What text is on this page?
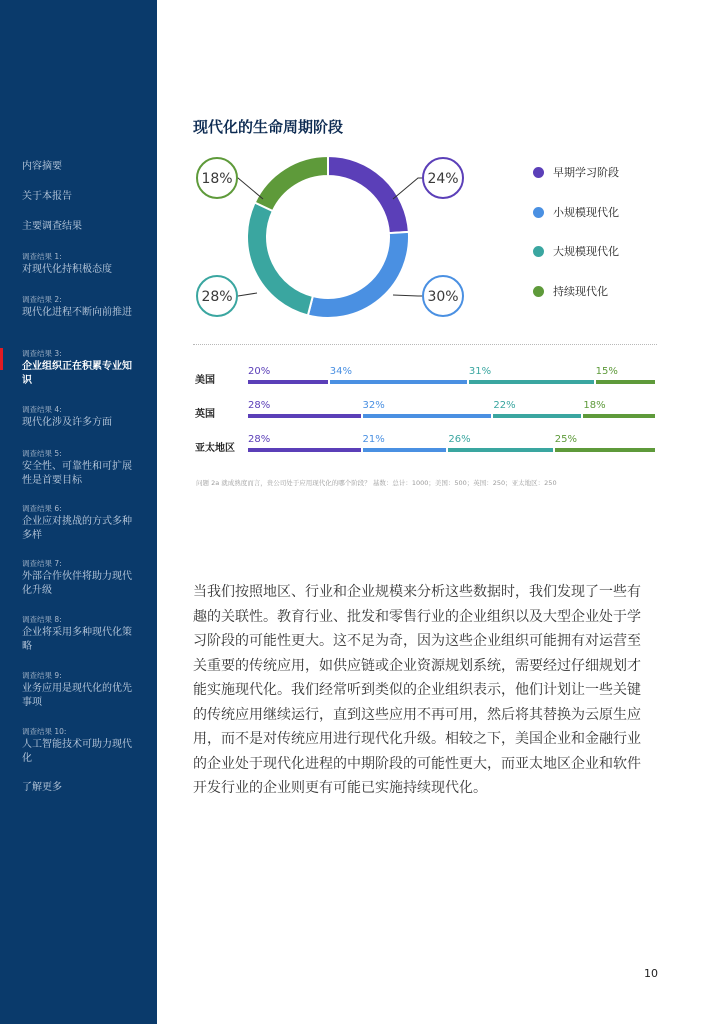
内容摘要
关于本报告
主要调查结果
调查结果 1:
对现代化持积极态度
调查结果 2:
现代化进程不断向前推进
调查结果 3:
企业组织正在积累专业知识
调查结果 4:
现代化涉及许多方面
调查结果 5:
安全性、可靠性和可扩展性是首要目标
调查结果 6:
企业应对挑战的方式多种多样
调查结果 7:
外部合作伙伴将助力现代化升级
调查结果 8:
企业将采用多种现代化策略
调查结果 9:
业务应用是现代化的优先事项
调查结果 10:
人工智能技术可助力现代化
了解更多
现代化的生命周期阶段
24%
30%
28%
18%	早期学习阶段
小规模现代化
大规模现代化
持续现代化
美国
20%	34%	31%	15%
英国
28%	32%	22%	18%
亚太地区
28%	21%	26%	25%
问题 2a 就成熟度而言，贵公司处于应用现代化的哪个阶段？ 基数：总计：1000；美国：500；英国：250；亚太地区：250

当我们按照地区、行业和企业规模来分析这些数据时，我们发现了一些有趣的关联性。教育行业、批发和零售行业的企业组织以及大型企业处于学习阶段的可能性更大。这不足为奇，因为这些企业组织可能拥有对运营至关重要的传统应用，如供应链或企业资源规划系统，需要经过仔细规划才能实施现代化。我们经常听到类似的企业组织表示，他们计划让一些关键的传统应用继续运行，直到这些应用不再可用，然后将其替换为云原生应用，而不是对传统应用进行现代化升级。相较之下，美国企业和金融行业的企业处于现代化进程的中期阶段的可能性更大，而亚太地区企业和软件开发行业的企业则更有可能已实施持续现代化。

10
